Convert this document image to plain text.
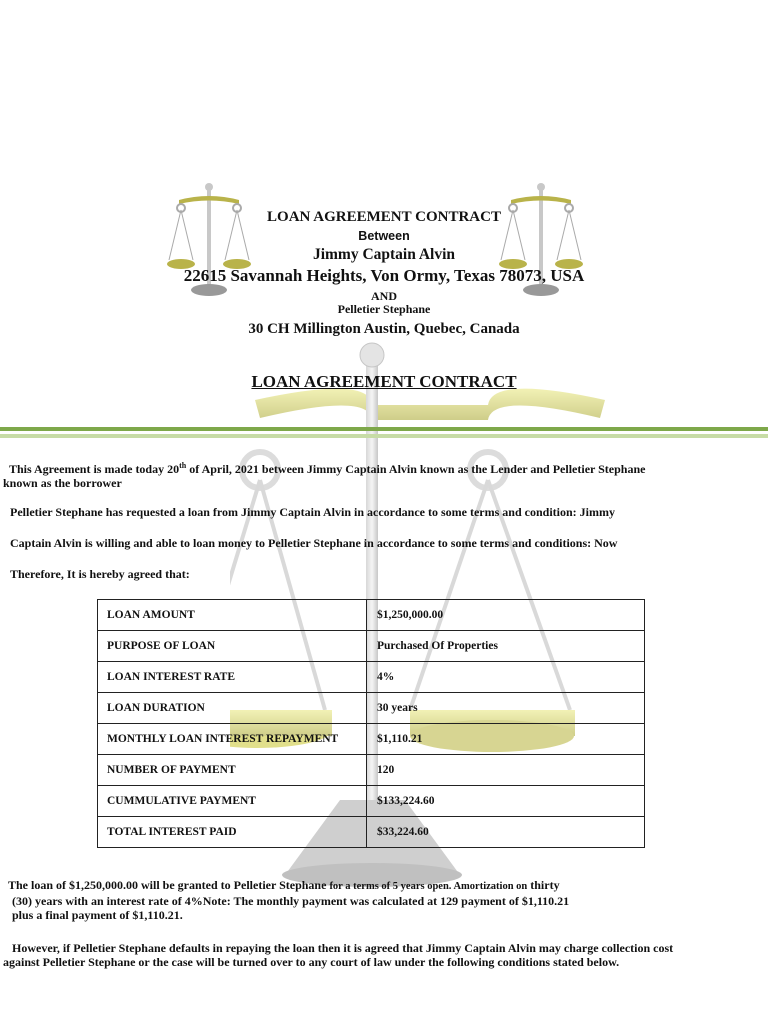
LOAN AGREEMENT CONTRACT
Between
Jimmy Captain Alvin
22615 Savannah Heights, Von Ormy, Texas 78073, USA
AND
Pelletier Stephane
30 CH Millington Austin, Quebec, Canada
LOAN AGREEMENT CONTRACT
This Agreement is made today 20th of April, 2021 between Jimmy Captain Alvin known as the Lender and Pelletier Stephane
known as the borrower
Pelletier Stephane has requested a loan from Jimmy Captain Alvin in accordance to some terms and condition: Jimmy
Captain Alvin is willing and able to loan money to Pelletier Stephane in accordance to some terms and conditions: Now
Therefore, It is hereby agreed that:
LOAN AMOUNT	$1,250,000.00
PURPOSE OF LOAN	Purchased Of Properties
LOAN INTEREST RATE	4%
LOAN DURATION	30 years
MONTHLY LOAN INTEREST REPAYMENT	$1,110.21
NUMBER OF PAYMENT	120
CUMMULATIVE PAYMENT	$133,224.60
TOTAL INTEREST PAID	$33,224.60
The loan of $1,250,000.00 will be granted to Pelletier Stephane for a terms of 5 years open. Amortization on thirty
(30) years with an interest rate of 4%Note: The monthly payment was calculated at 129 payment of $1,110.21
plus a final payment of $1,110.21.
However, if Pelletier Stephane defaults in repaying the loan then it is agreed that Jimmy Captain Alvin may charge collection cost
against Pelletier Stephane or the case will be turned over to any court of law under the following conditions stated below.
